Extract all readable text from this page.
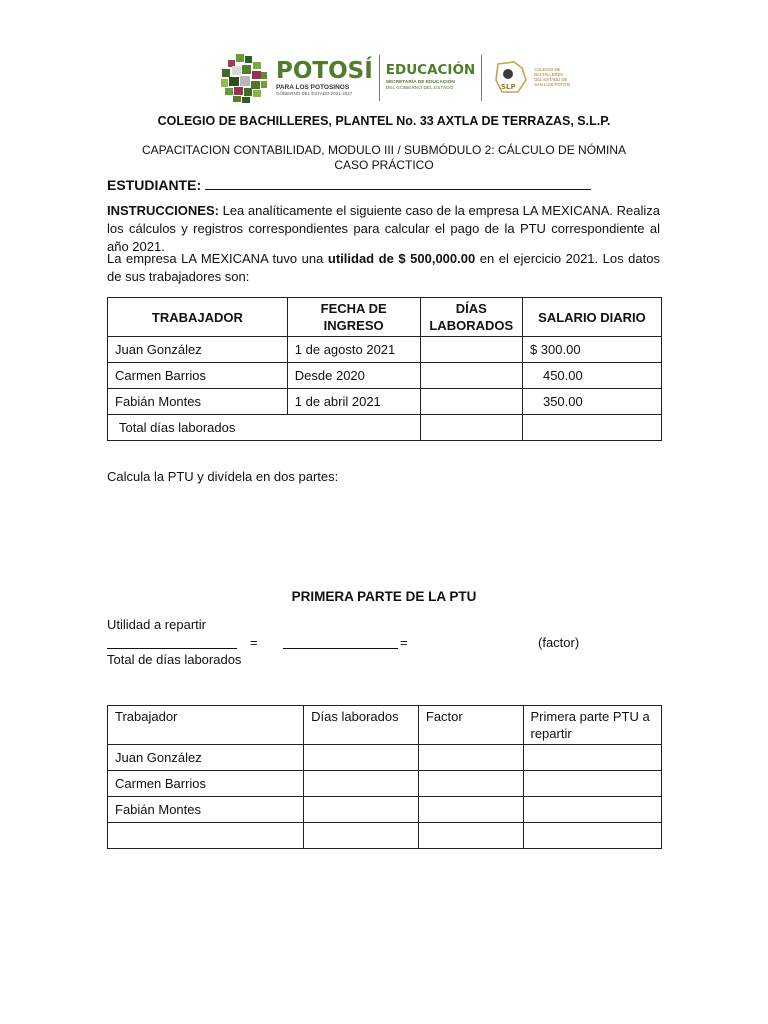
POTOSÍ
PARA LOS POTOSINOS
GOBIERNO DEL ESTADO 2021-2027
EDUCACIÓN
SECRETARÍA DE EDUCACIÓN
DEL GOBIERNO DEL ESTADO	SLP
COLEGIO DE
BACHILLERES
DEL ESTADO DE
SAN LUIS POTOSÍ
COLEGIO DE BACHILLERES, PLANTEL No. 33 AXTLA DE TERRAZAS, S.L.P.
CAPACITACION CONTABILIDAD, MODULO III / SUBMÓDULO 2: CÁLCULO DE NÓMINA
CASO PRÁCTICO
ESTUDIANTE:
INSTRUCCIONES: Lea analíticamente el siguiente caso de la empresa LA MEXICANA. Realiza los cálculos y registros correspondientes para calcular el pago de la PTU correspondiente al año 2021.
La empresa LA MEXICANA tuvo una utilidad de $ 500,000.00 en el ejercicio 2021. Los datos de sus trabajadores son:
TRABAJADOR	FECHA DE INGRESO	DÍAS LABORADOS	SALARIO DIARIO
Juan González	1 de agosto 2021		$ 300.00
Carmen Barrios	Desde 2020		450.00
Fabián Montes	1 de abril 2021		350.00
Total días laborados			
Calcula la PTU y divídela en dos partes:
PRIMERA PARTE DE LA PTU
Utilidad a repartir
=	=	(factor)
Total de días laborados
Trabajador	Días laborados	Factor	Primera parte PTU a repartir
Juan González			
Carmen Barrios			
Fabián Montes			
